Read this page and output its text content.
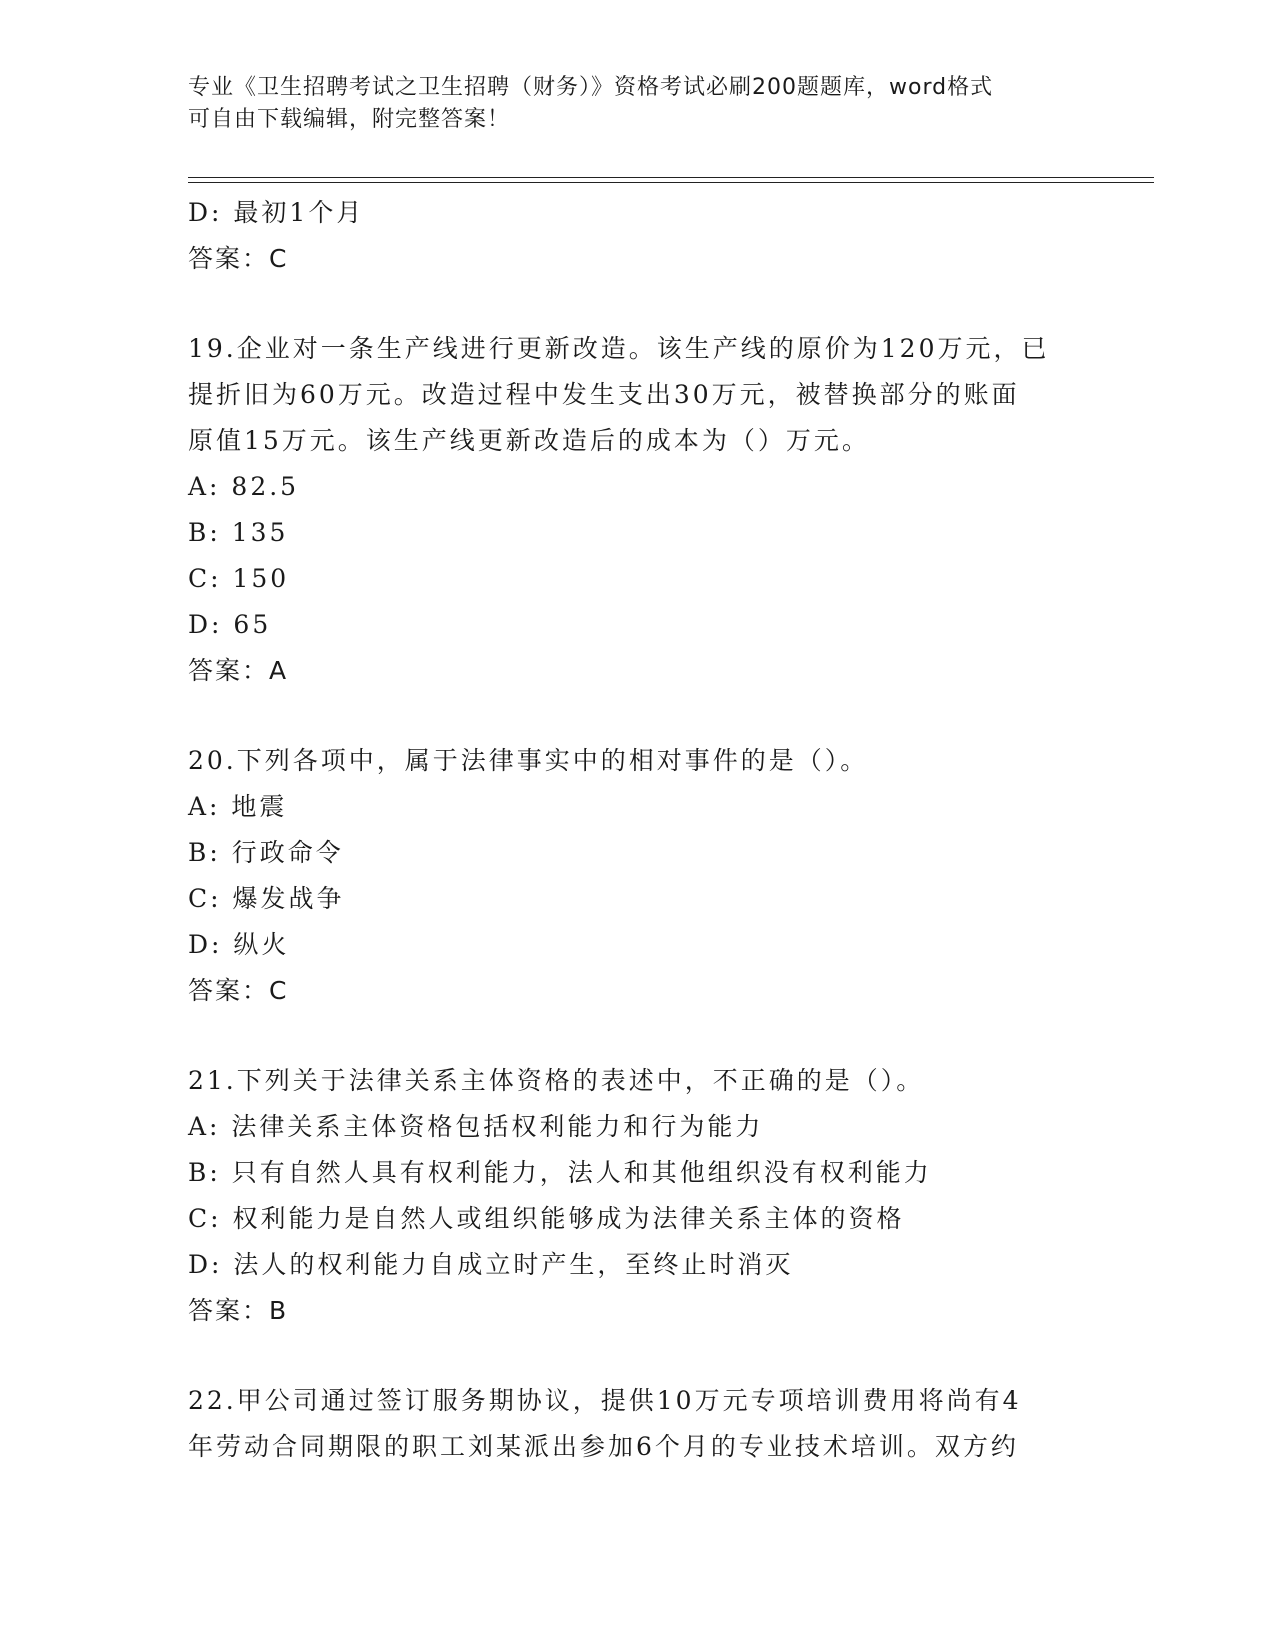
专业《卫生招聘考试之卫生招聘（财务）》资格考试必刷200题题库，word格式
可自由下载编辑，附完整答案！
D: 最初1个月
答案：C
19.企业对一条生产线进行更新改造。该生产线的原价为120万元，已
提折旧为60万元。改造过程中发生支出30万元，被替换部分的账面
原值15万元。该生产线更新改造后的成本为（）万元。
A: 82.5
B: 135
C: 150
D: 65
答案：A
20.下列各项中，属于法律事实中的相对事件的是（）。
A: 地震
B: 行政命令
C: 爆发战争
D: 纵火
答案：C
21.下列关于法律关系主体资格的表述中，不正确的是（）。
A: 法律关系主体资格包括权利能力和行为能力
B: 只有自然人具有权利能力，法人和其他组织没有权利能力
C: 权利能力是自然人或组织能够成为法律关系主体的资格
D: 法人的权利能力自成立时产生，至终止时消灭
答案：B
22.甲公司通过签订服务期协议，提供10万元专项培训费用将尚有4
年劳动合同期限的职工刘某派出参加6个月的专业技术培训。双方约
